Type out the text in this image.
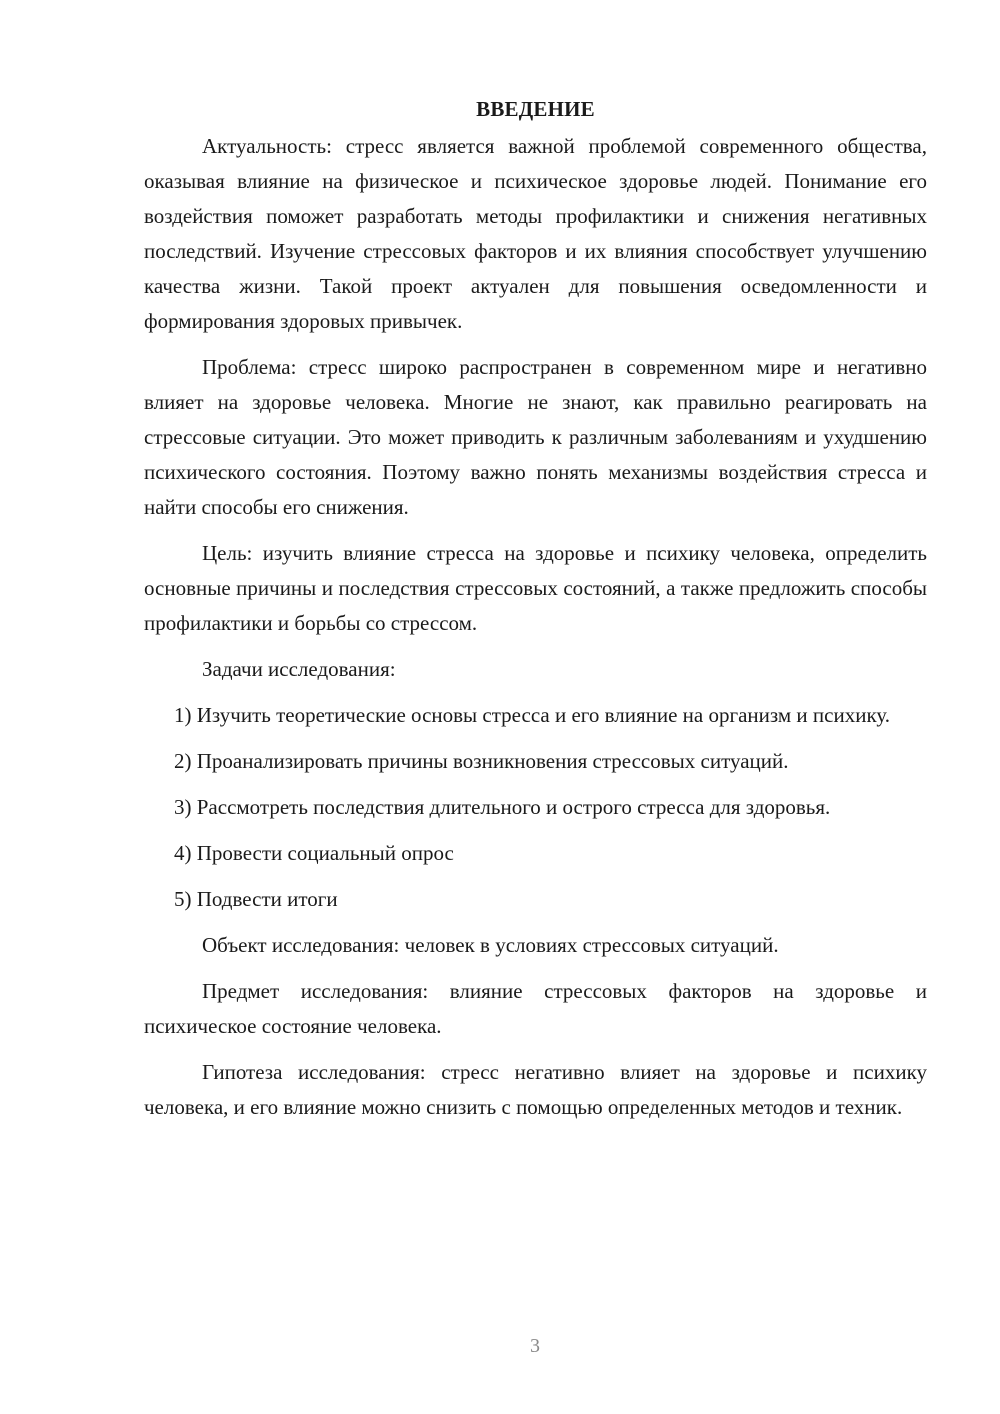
ВВЕДЕНИЕ

Актуальность: стресс является важной проблемой современного общества, оказывая влияние на физическое и психическое здоровье людей. Понимание его воздействия поможет разработать методы профилактики и снижения негативных последствий. Изучение стрессовых факторов и их влияния способствует улучшению качества жизни. Такой проект актуален для повышения осведомленности и формирования здоровых привычек.

Проблема: стресс широко распространен в современном мире и негативно влияет на здоровье человека. Многие не знают, как правильно реагировать на стрессовые ситуации. Это может приводить к различным заболеваниям и ухудшению психического состояния. Поэтому важно понять механизмы воздействия стресса и найти способы его снижения.

Цель: изучить влияние стресса на здоровье и психику человека, определить основные причины и последствия стрессовых состояний, а также предложить способы профилактики и борьбы со стрессом.

Задачи исследования:

1) Изучить теоретические основы стресса и его влияние на организм и психику.

2) Проанализировать причины возникновения стрессовых ситуаций.

3) Рассмотреть последствия длительного и острого стресса для здоровья.

4) Провести социальный опрос

5) Подвести итоги

Объект исследования: человек в условиях стрессовых ситуаций.

Предмет исследования: влияние стрессовых факторов на здоровье и психическое состояние человека.

Гипотеза исследования: стресс негативно влияет на здоровье и психику человека, и его влияние можно снизить с помощью определенных методов и техник.

3
